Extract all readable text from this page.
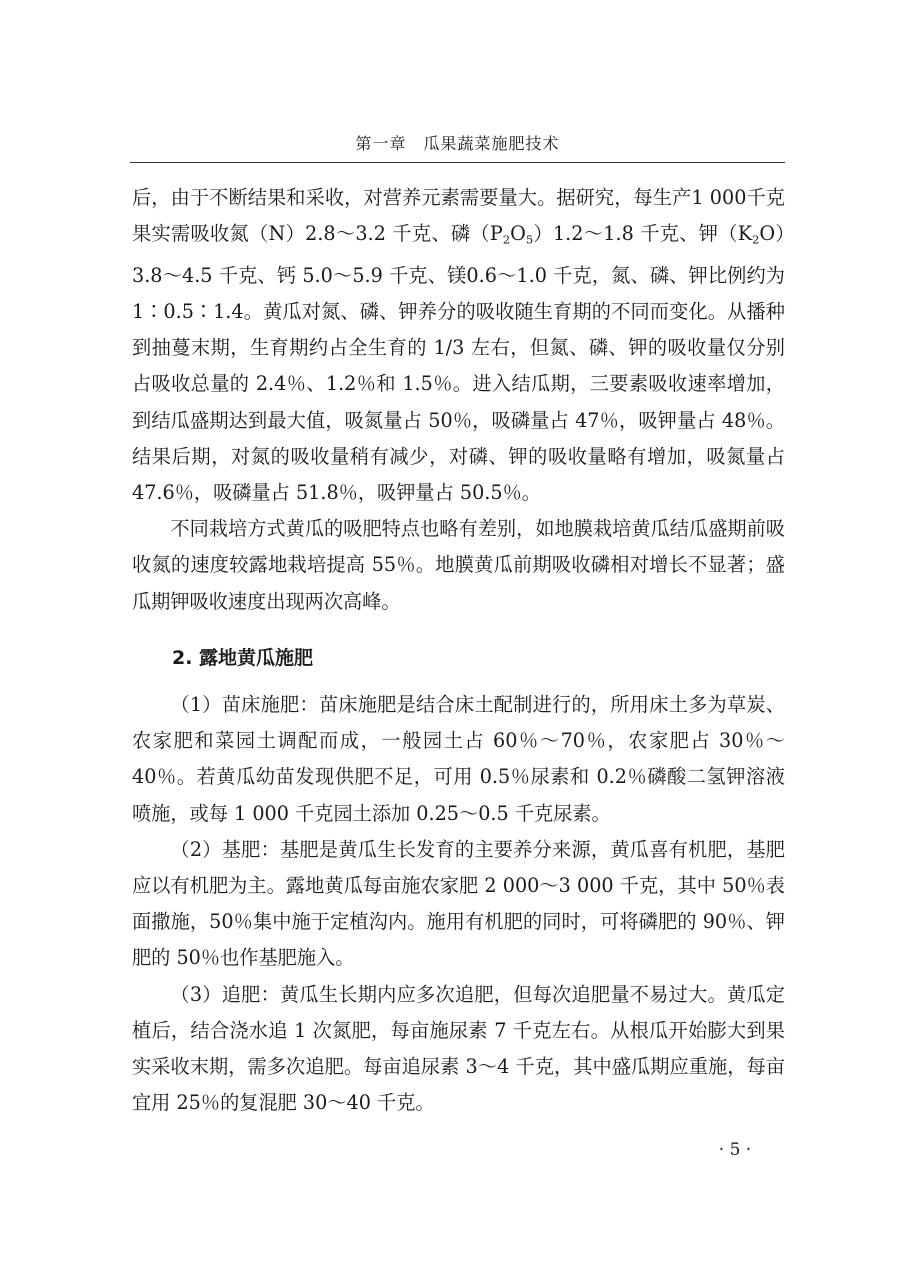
第一章　瓜果蔬菜施肥技术

后，由于不断结果和采收，对营养元素需要量大。据研究，每生产1 000千克果实需吸收氮（N）2.8～3.2 千克、磷$(P_2O_5)1.2\sim 1.8$ 千克、钾$(K_2O)3.8\sim 4.5$ 千克、钙 5.0～5.9 千克、镁0.6～1.0 千克，氮、磷、钾比例约为 1∶0.5∶1.4。黄瓜对氮、磷、钾养分的吸收随生育期的不同而变化。从播种到抽蔓末期，生育期约占全生育的 1/3 左右，但氮、磷、钾的吸收量仅分别占吸收总量的 2.4％、1.2％和 1.5％。进入结瓜期，三要素吸收速率增加，到结瓜盛期达到最大值，吸氮量占 50％，吸磷量占 47％，吸钾量占 48％。结果后期，对氮的吸收量稍有减少，对磷、钾的吸收量略有增加，吸氮量占 47.6％，吸磷量占 51.8％，吸钾量占 50.5％。

不同栽培方式黄瓜的吸肥特点也略有差别，如地膜栽培黄瓜结瓜盛期前吸收氮的速度较露地栽培提高 55％。地膜黄瓜前期吸收磷相对增长不显著；盛瓜期钾吸收速度出现两次高峰。

2. 露地黄瓜施肥

（1）苗床施肥：苗床施肥是结合床土配制进行的，所用床土多为草炭、农家肥和菜园土调配而成，一般园土占 60％～70％，农家肥占 30％～40％。若黄瓜幼苗发现供肥不足，可用 0.5％尿素和 0.2％磷酸二氢钾溶液喷施，或每 1 000 千克园土添加 0.25～0.5 千克尿素。

（2）基肥：基肥是黄瓜生长发育的主要养分来源，黄瓜喜有机肥，基肥应以有机肥为主。露地黄瓜每亩施农家肥 2 000～3 000 千克，其中 50％表面撒施，50％集中施于定植沟内。施用有机肥的同时，可将磷肥的 90％、钾肥的 50％也作基肥施入。

（3）追肥：黄瓜生长期内应多次追肥，但每次追肥量不易过大。黄瓜定植后，结合浇水追 1 次氮肥，每亩施尿素 7 千克左右。从根瓜开始膨大到果实采收末期，需多次追肥。每亩追尿素 3～4 千克，其中盛瓜期应重施，每亩宜用 25％的复混肥 30～40 千克。

· 5 ·
